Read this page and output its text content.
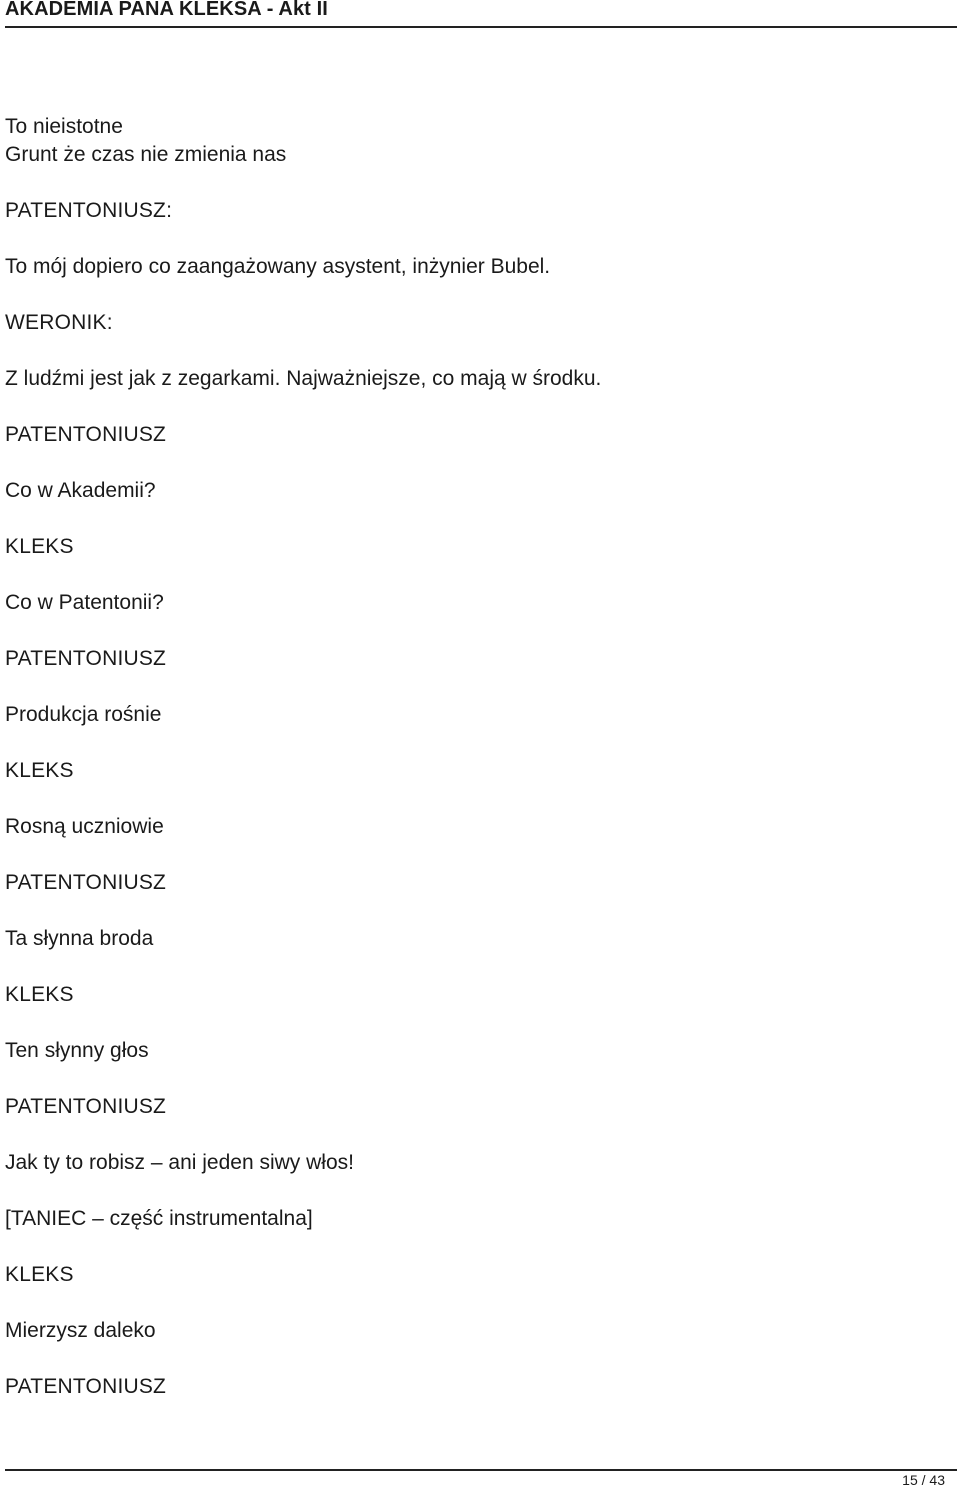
AKADEMIA PANA KLEKSA - Akt II
To nieistotne
Grunt że czas nie zmienia nas
PATENTONIUSZ:
To mój dopiero co zaangażowany asystent, inżynier Bubel.
WERONIK:
Z ludźmi jest jak z zegarkami. Najważniejsze, co mają w środku.
PATENTONIUSZ
Co w Akademii?
KLEKS
Co w Patentonii?
PATENTONIUSZ
Produkcja rośnie
KLEKS
Rosną uczniowie
PATENTONIUSZ
Ta słynna broda
KLEKS
Ten słynny głos
PATENTONIUSZ
Jak ty to robisz – ani jeden siwy włos!
[TANIEC – część instrumentalna]
KLEKS
Mierzysz daleko
PATENTONIUSZ
15 / 43
